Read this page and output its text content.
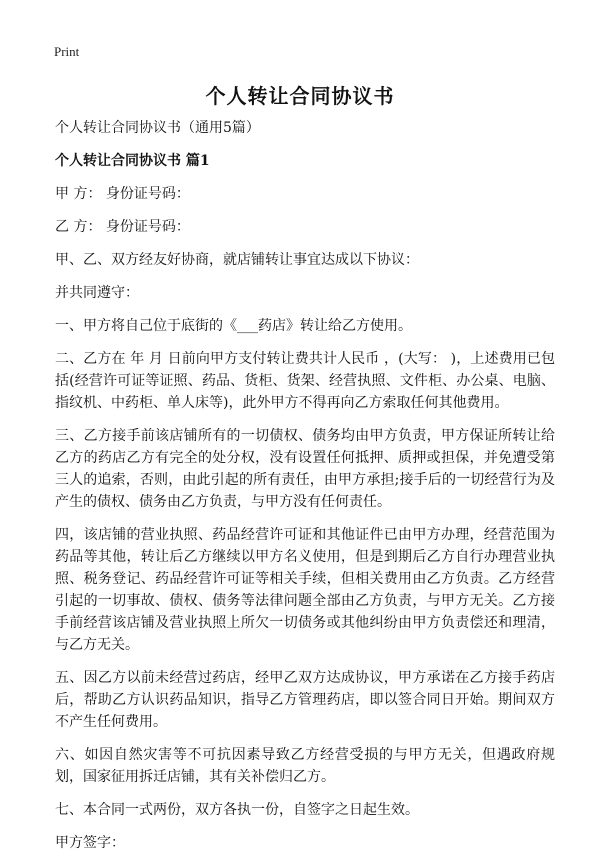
Print
个人转让合同协议书

个人转让合同协议书（通用5篇）

个人转让合同协议书 篇1

甲 方： 身份证号码：

乙 方： 身份证号码：

甲、乙、双方经友好协商，就店铺转让事宜达成以下协议：

并共同遵守：

一、甲方将自己位于底街的《___药店》转让给乙方使用。

二、乙方在 年 月 日前向甲方支付转让费共计人民币 ，(大写： )，上述费用已包括(经营许可证等证照、药品、货柜、货架、经营执照、文件柜、办公桌、电脑、指纹机、中药柜、单人床等)，此外甲方不得再向乙方索取任何其他费用。

三、乙方接手前该店铺所有的一切债权、债务均由甲方负责，甲方保证所转让给乙方的药店乙方有完全的处分权，没有设置任何抵押、质押或担保，并免遭受第三人的追索，否则，由此引起的所有责任，由甲方承担;接手后的一切经营行为及产生的债权、债务由乙方负责，与甲方没有任何责任。

四，该店铺的营业执照、药品经营许可证和其他证件已由甲方办理，经营范围为药品等其他，转让后乙方继续以甲方名义使用，但是到期后乙方自行办理营业执照、税务登记、药品经营许可证等相关手续，但相关费用由乙方负责。乙方经营引起的一切事故、债权、债务等法律问题全部由乙方负责，与甲方无关。乙方接手前经营该店铺及营业执照上所欠一切债务或其他纠纷由甲方负责偿还和理清，与乙方无关。

五、因乙方以前未经营过药店，经甲乙双方达成协议，甲方承诺在乙方接手药店后，帮助乙方认识药品知识，指导乙方管理药店，即以签合同日开始。期间双方不产生任何费用。

六、如因自然灾害等不可抗因素导致乙方经营受损的与甲方无关，但遇政府规划，国家征用拆迁店铺，其有关补偿归乙方。

七、本合同一式两份，双方各执一份，自签字之日起生效。

甲方签字：
